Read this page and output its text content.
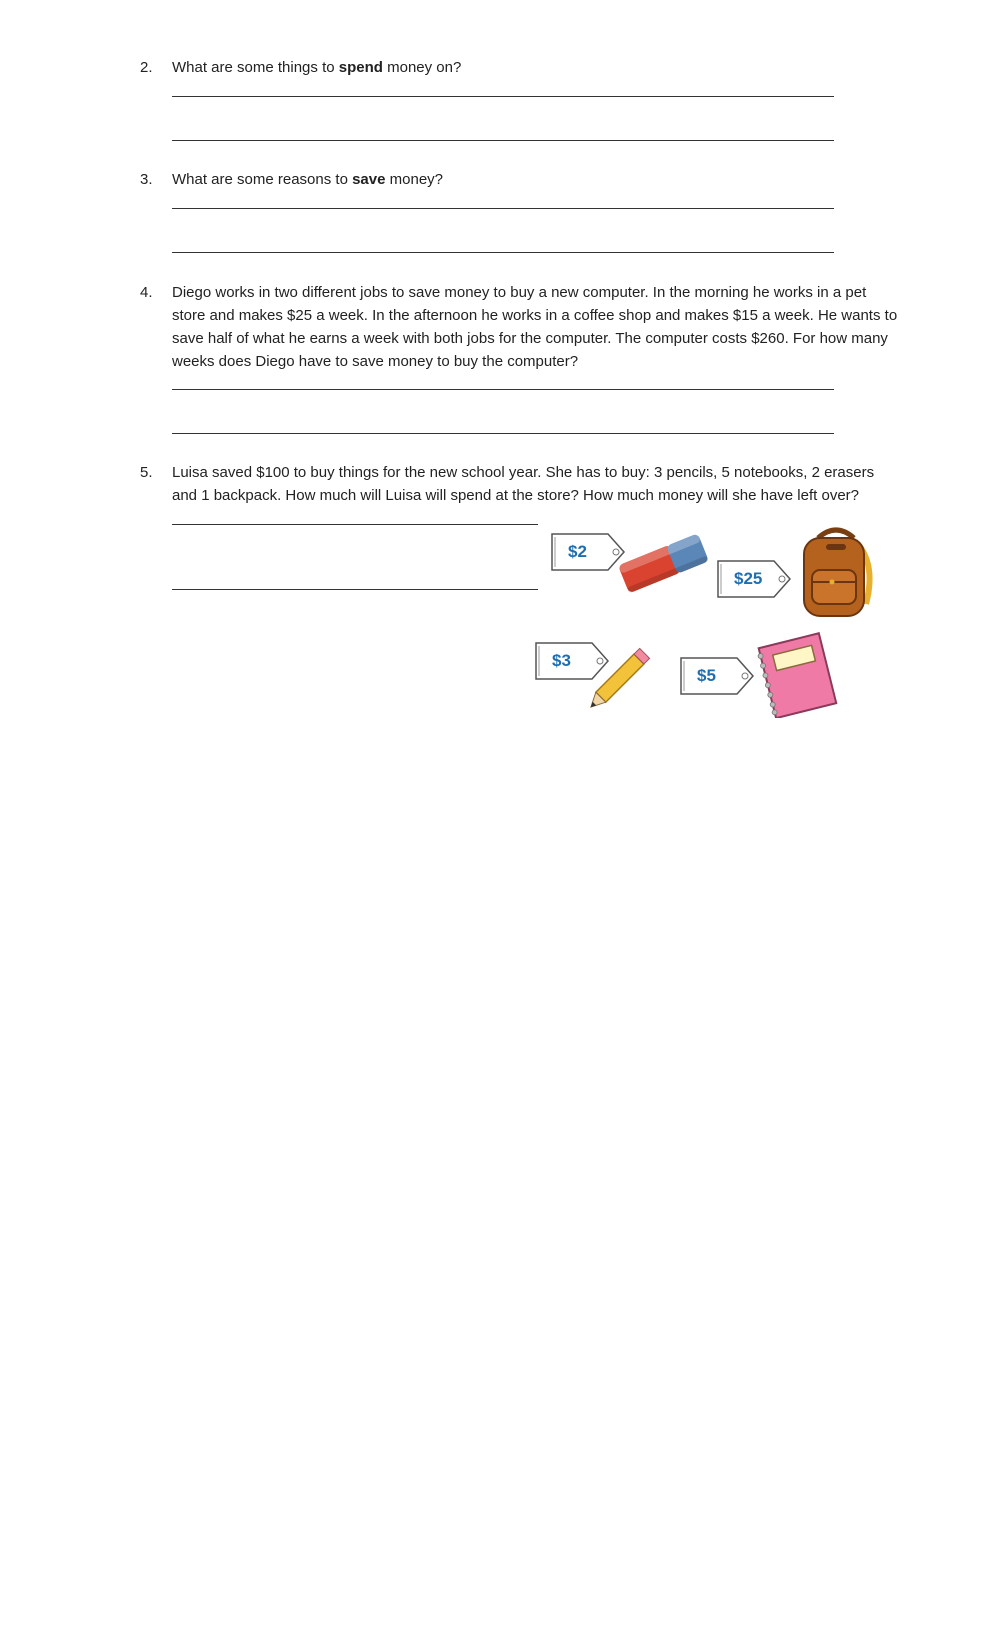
2. What are some things to spend money on?
3. What are some reasons to save money?
4. Diego works in two different jobs to save money to buy a new computer. In the morning he works in a pet store and makes $25 a week. In the afternoon he works in a coffee shop and makes $15 a week. He wants to save half of what he earns a week with both jobs for the computer. The computer costs $260. For how many weeks does Diego have to save money to buy the computer?
5. Luisa saved $100 to buy things for the new school year. She has to buy: 3 pencils, 5 notebooks, 2 erasers and 1 backpack. How much will Luisa will spend at the store? How much money will she have left over?
$2
$25
$3
$5
